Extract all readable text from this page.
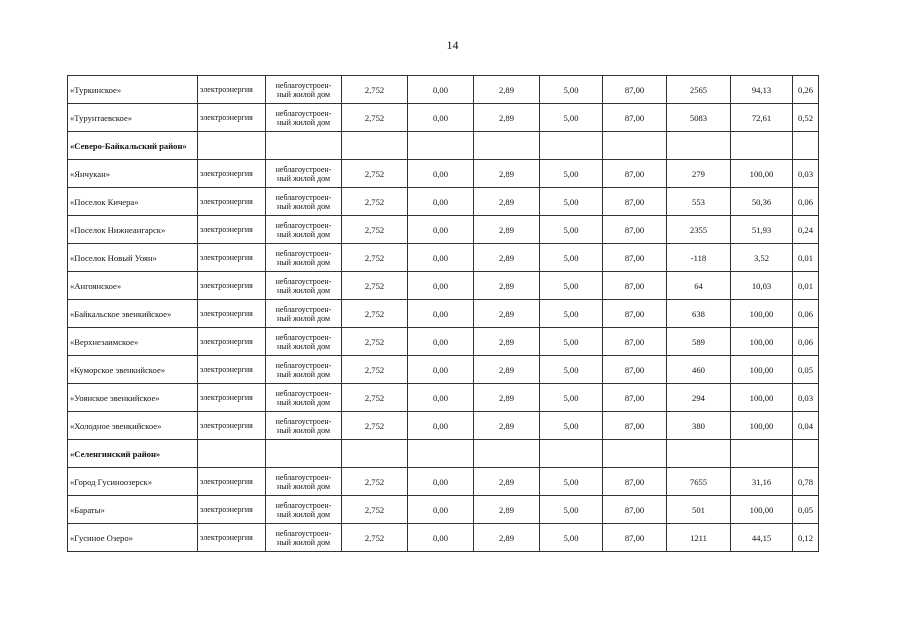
14
«Туркинское»	электроэнергия	неблагоустроен-
ный жилой дом	2,752	0,00	2,89	5,00	87,00	2565	94,13	0,26
«Турунтаевское»	электроэнергия	неблагоустроен-
ный жилой дом	2,752	0,00	2,89	5,00	87,00	5083	72,61	0,52
«Северо-Байкальский район»										
«Янчукан»	электроэнергия	неблагоустроен-
ный жилой дом	2,752	0,00	2,89	5,00	87,00	279	100,00	0,03
«Поселок Кичера»	электроэнергия	неблагоустроен-
ный жилой дом	2,752	0,00	2,89	5,00	87,00	553	50,36	0,06
«Поселок Нижнеангарск»	электроэнергия	неблагоустроен-
ный жилой дом	2,752	0,00	2,89	5,00	87,00	2355	51,93	0,24
«Поселок Новый Уоян»	электроэнергия	неблагоустроен-
ный жилой дом	2,752	0,00	2,89	5,00	87,00	-118	3,52	0,01
«Ангоянское»	электроэнергия	неблагоустроен-
ный жилой дом	2,752	0,00	2,89	5,00	87,00	64	10,03	0,01
«Байкальское эвенкийское»	электроэнергия	неблагоустроен-
ный жилой дом	2,752	0,00	2,89	5,00	87,00	638	100,00	0,06
«Верхнезаимское»	электроэнергия	неблагоустроен-
ный жилой дом	2,752	0,00	2,89	5,00	87,00	589	100,00	0,06
«Куморское эвенкийское»	электроэнергия	неблагоустроен-
ный жилой дом	2,752	0,00	2,89	5,00	87,00	460	100,00	0,05
«Уоянское эвенкийское»	электроэнергия	неблагоустроен-
ный жилой дом	2,752	0,00	2,89	5,00	87,00	294	100,00	0,03
«Холодное эвенкийское»	электроэнергия	неблагоустроен-
ный жилой дом	2,752	0,00	2,89	5,00	87,00	380	100,00	0,04
«Селенгинский район»										
«Город Гусиноозерск»	электроэнергия	неблагоустроен-
ный жилой дом	2,752	0,00	2,89	5,00	87,00	7655	31,16	0,78
«Бараты»	электроэнергия	неблагоустроен-
ный жилой дом	2,752	0,00	2,89	5,00	87,00	501	100,00	0,05
«Гусиное Озеро»	электроэнергия	неблагоустроен-
ный жилой дом	2,752	0,00	2,89	5,00	87,00	1211	44,15	0,12
